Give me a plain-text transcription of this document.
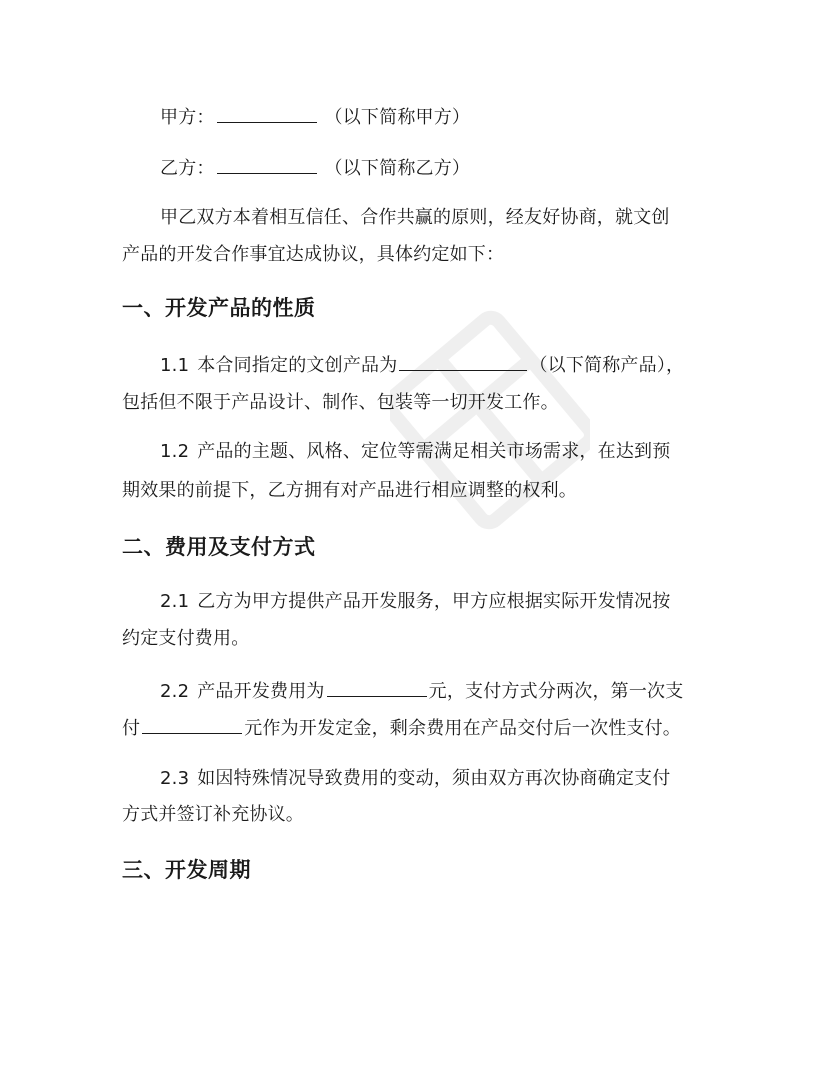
甲方：	（以下简称甲方）
乙方：	（以下简称乙方）
甲乙双方本着相互信任、合作共赢的原则，经友好协商，就文创
产品的开发合作事宜达成协议，具体约定如下：
一、开发产品的性质
1.1 本合同指定的文创产品为	（以下简称产品），
包括但不限于产品设计、制作、包装等一切开发工作。
1.2 产品的主题、风格、定位等需满足相关市场需求，在达到预
期效果的前提下，乙方拥有对产品进行相应调整的权利。
二、费用及支付方式
2.1 乙方为甲方提供产品开发服务，甲方应根据实际开发情况按
约定支付费用。
2.2 产品开发费用为	元，支付方式分两次，第一次支
付	元作为开发定金，剩余费用在产品交付后一次性支付。
2.3 如因特殊情况导致费用的变动，须由双方再次协商确定支付
方式并签订补充协议。
三、开发周期
